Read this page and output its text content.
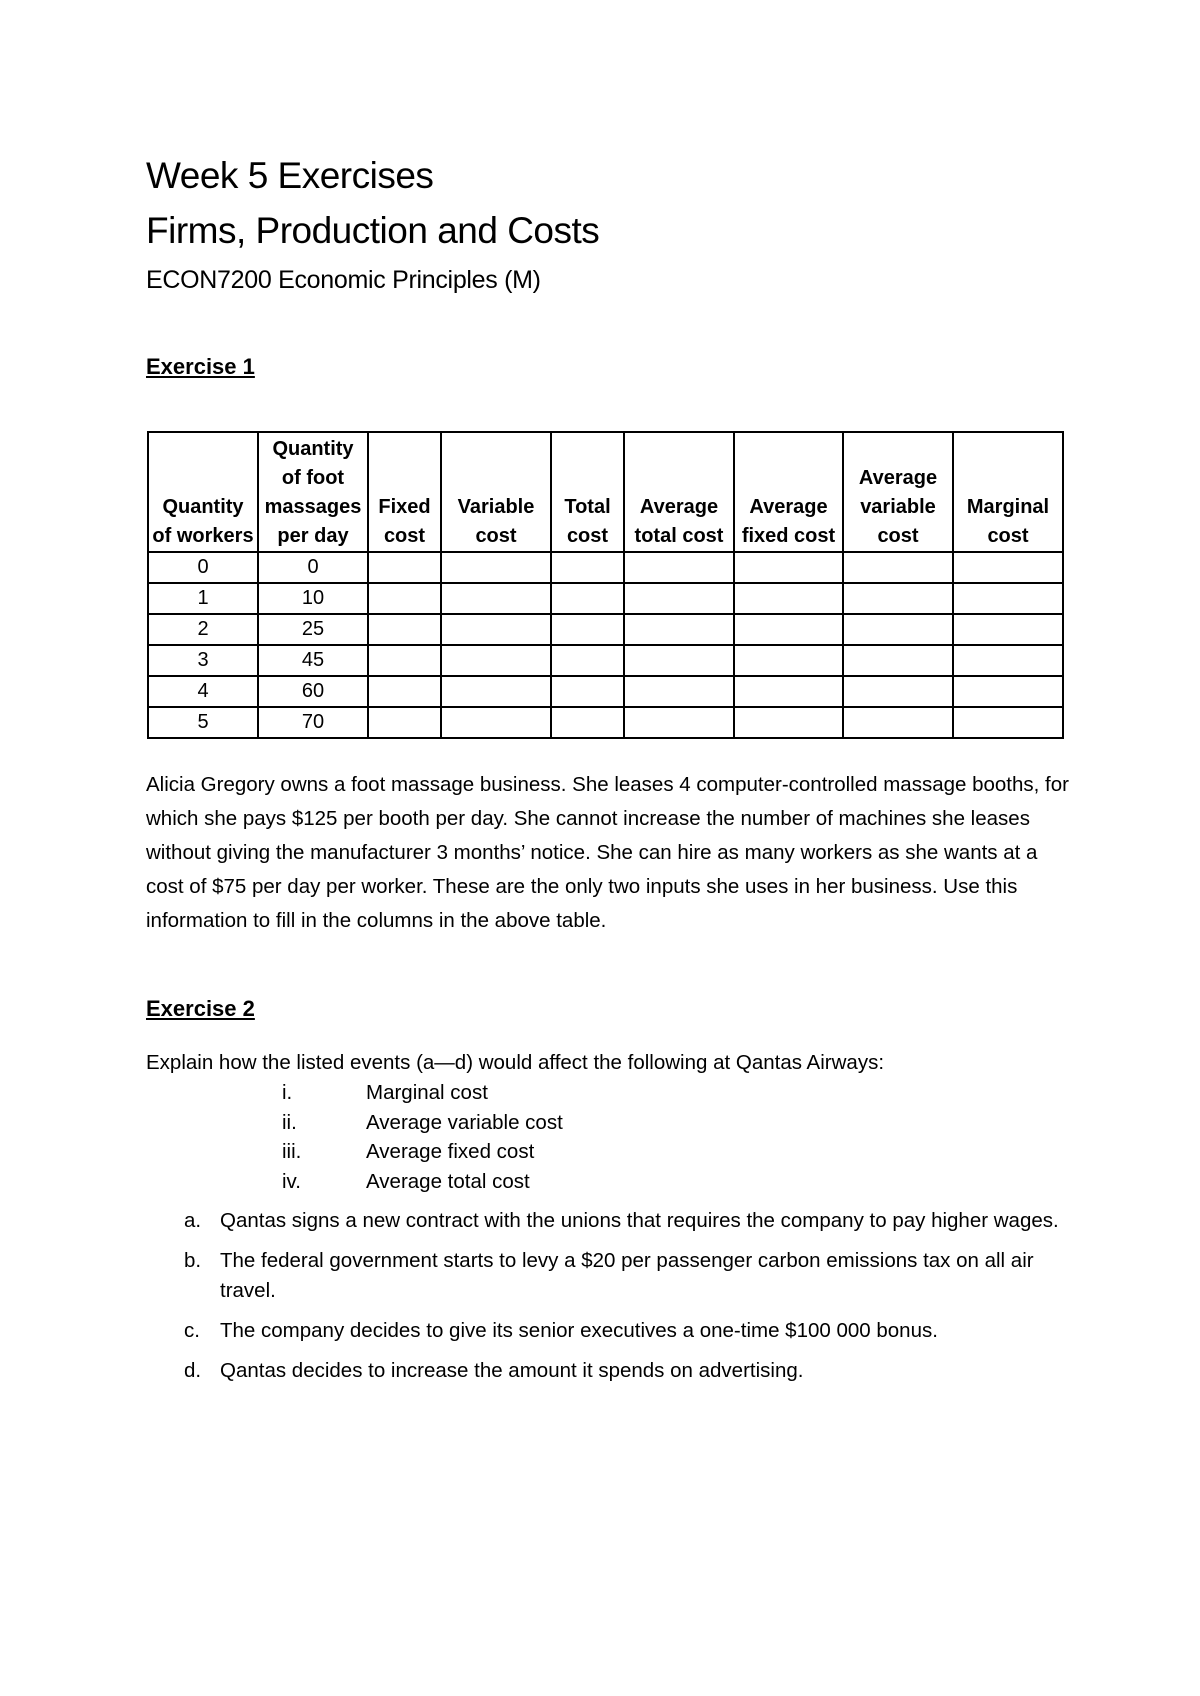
Week 5 Exercises
Firms, Production and Costs
ECON7200 Economic Principles (M)
Exercise 1
Quantity of workers	Quantity of foot massages per day	Fixed cost	Variable cost	Total cost	Average total cost	Average fixed cost	Average variable cost	Marginal cost
0	0							
1	10							
2	25							
3	45							
4	60							
5	70							

Alicia Gregory owns a foot massage business. She leases 4 computer-controlled massage booths, for which she pays $125 per booth per day. She cannot increase the number of machines she leases without giving the manufacturer 3 months’ notice. She can hire as many workers as she wants at a cost of $75 per day per worker. These are the only two inputs she uses in her business. Use this information to fill in the columns in the above table.

Exercise 2

Explain how the listed events (a—d) would affect the following at Qantas Airways:

i.	Marginal cost
ii.	Average variable cost
iii.	Average fixed cost
iv.	Average total cost
a. Qantas signs a new contract with the unions that requires the company to pay higher wages.
b. The federal government starts to levy a $20 per passenger carbon emissions tax on all air travel.
c. The company decides to give its senior executives a one-time $100 000 bonus.
d. Qantas decides to increase the amount it spends on advertising.
